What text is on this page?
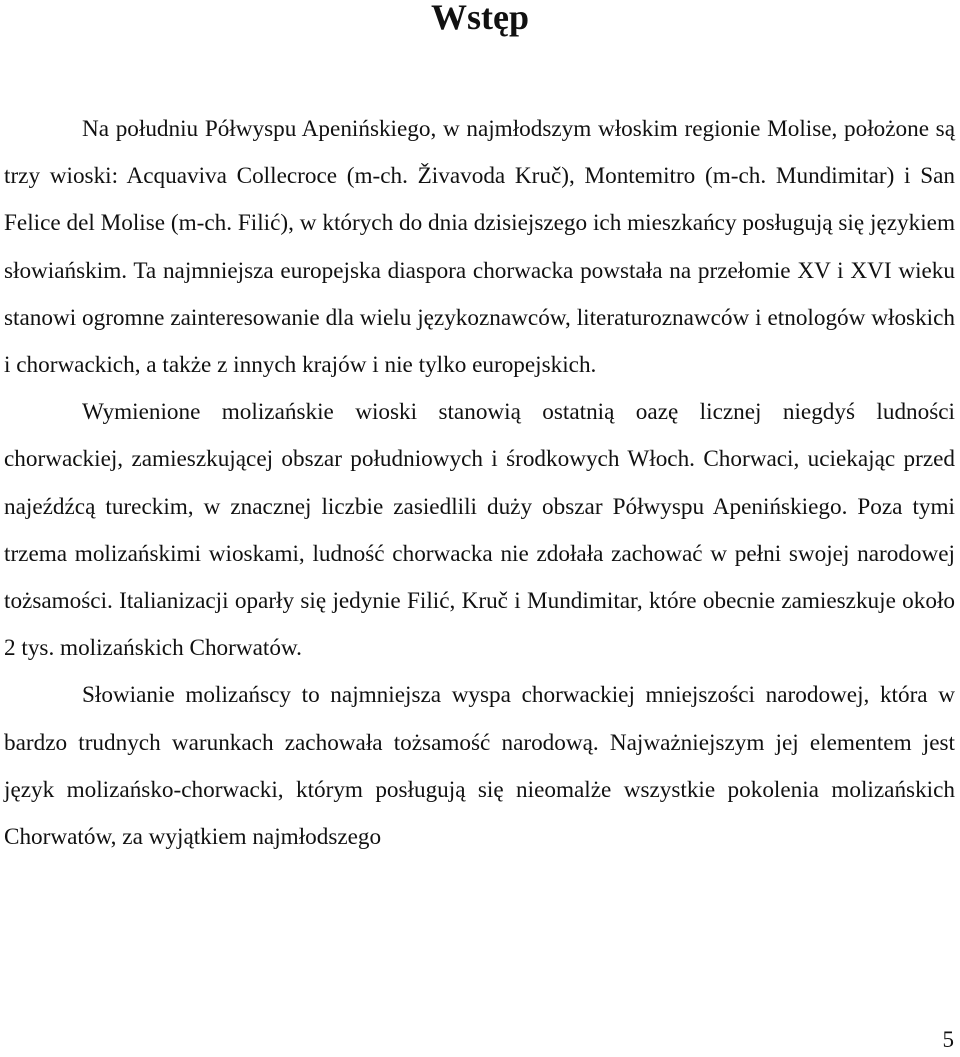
Wstęp

Na południu Półwyspu Apenińskiego, w najmłodszym włoskim regionie Molise, położone są trzy wioski: Acquaviva Collecroce (m-ch. Živavoda Kruč), Montemitro (m-ch. Mundimitar) i San Felice del Molise (m-ch. Filić), w których do dnia dzisiejszego ich mieszkańcy posługują się językiem słowiańskim. Ta najmniejsza europejska diaspora chorwacka powstała na przełomie XV i XVI wieku stanowi ogromne zainteresowanie dla wielu językoznawców, literaturoznawców i etnologów włoskich i chorwackich, a także z innych krajów i nie tylko europejskich.

Wymienione molizańskie wioski stanowią ostatnią oazę licznej niegdyś ludności chorwackiej, zamieszkującej obszar południowych i środkowych Włoch. Chorwaci, uciekając przed najeźdźcą tureckim, w znacznej liczbie zasiedlili duży obszar Półwyspu Apenińskiego. Poza tymi trzema molizańskimi wioskami, ludność chorwacka nie zdołała zachować w pełni swojej narodowej tożsamości. Italianizacji oparły się jedynie Filić, Kruč i Mundimitar, które obecnie zamieszkuje około 2 tys. molizańskich Chorwatów.

Słowianie molizańscy to najmniejsza wyspa chorwackiej mniejszości narodowej, która w bardzo trudnych warunkach zachowała tożsamość narodową. Najważniejszym jej elementem jest język molizańsko-chorwacki, którym posługują się nieomalże wszystkie pokolenia molizańskich Chorwatów, za wyjątkiem najmłodszego

5
